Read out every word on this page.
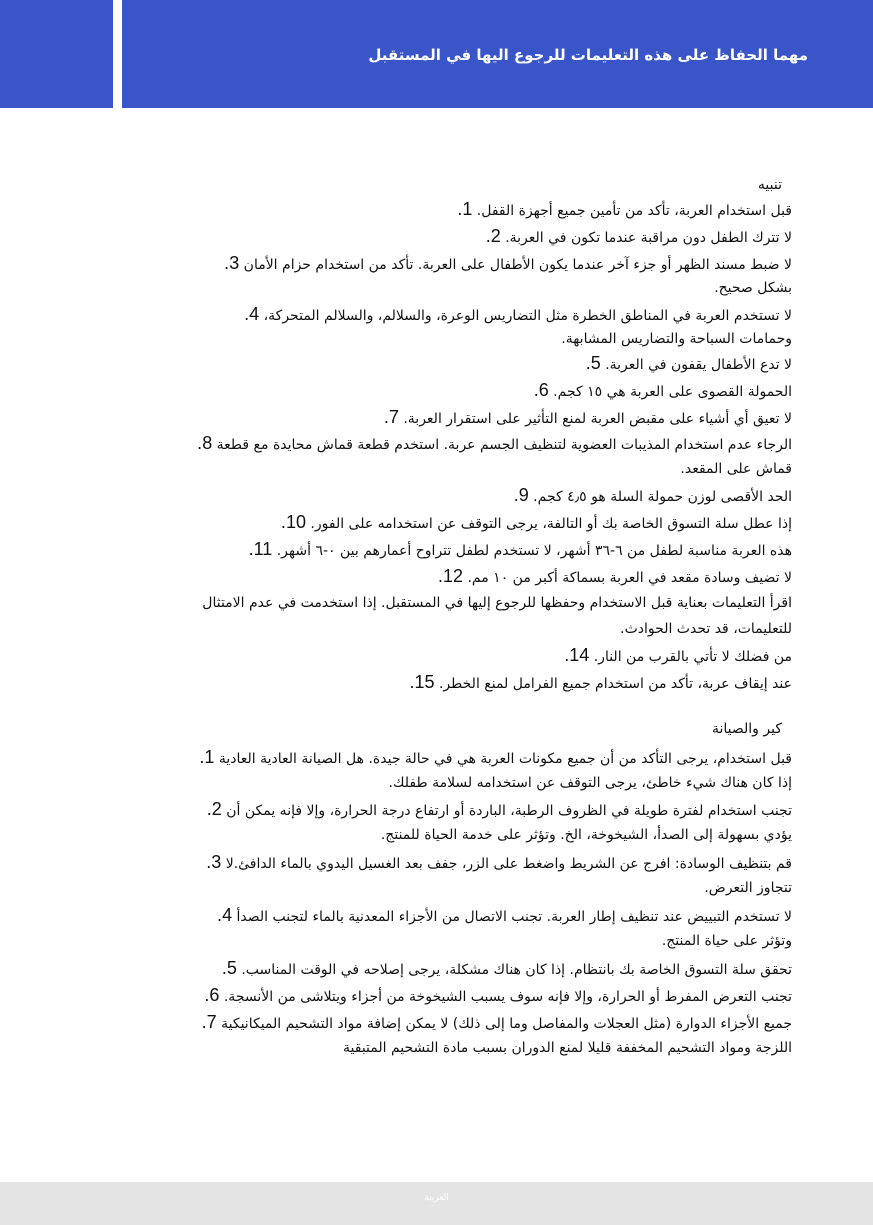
مهما الحفاظ على هذه التعليمات للرجوع اليها في المستقبل
تنبيه
قبل استخدام العربة، تأكد من تأمين جميع أجهزة القفل. 1.
لا تترك الطفل دون مراقبة عندما تكون في العربة. 2.
لا ضبط مسند الظهر أو جزء آخر عندما يكون الأطفال على العربة. تأكد من استخدام حزام الأمان 3.
بشكل صحيح.
لا تستخدم العربة في المناطق الخطرة مثل التضاريس الوعرة، والسلالم، والسلالم المتحركة، 4.
وحمامات السباحة والتضاريس المشابهة.
لا تدع الأطفال يقفون في العربة. 5.
الحمولة القصوى على العربة هي ١٥ كجم. 6.
لا تعيق أي أشياء على مقبض العربة لمنع التأثير على استقرار العربة. 7.
الرجاء عدم استخدام المذيبات العضوية لتنظيف الجسم عربة. استخدم قطعة قماش محايدة مع قطعة 8.
قماش على المقعد.
الحد الأقصى لوزن حمولة السلة هو ٤٫٥ كجم. 9.
إذا عطل سلة التسوق الخاصة بك أو التالفة، يرجى التوقف عن استخدامه على الفور. 10.
هذه العربة مناسبة لطفل من ٦-٣٦ أشهر، لا تستخدم لطفل تتراوح أعمارهم بين ٠-٦ أشهر. 11.
لا تضيف وسادة مقعد في العربة بسماكة أكبر من ١٠ مم. 12.
اقرأ التعليمات بعناية قبل الاستخدام وحفظها للرجوع إليها في المستقبل. إذا استخدمت في عدم الامتثال
للتعليمات، قد تحدث الحوادث.
من فضلك لا تأتي بالقرب من النار. 14.
عند إيقاف عربة، تأكد من استخدام جميع الفرامل لمنع الخطر. 15.
كير والصيانة
قبل استخدام، يرجى التأكد من أن جميع مكونات العربة هي في حالة جيدة. هل الصيانة العادية العادية 1.
إذا كان هناك شيء خاطئ، يرجى التوقف عن استخدامه لسلامة طفلك.
تجنب استخدام لفترة طويلة في الظروف الرطبة، الباردة أو ارتفاع درجة الحرارة، وإلا فإنه يمكن أن 2.
يؤدي بسهولة إلى الصدأ، الشيخوخة، الخ. وتؤثر على خدمة الحياة للمنتج.
قم بتنظيف الوسادة: افرج عن الشريط واضغط على الزر، جفف بعد الغسيل اليدوي بالماء الدافئ.لا 3.
تتجاوز التعرض.
لا تستخدم التبييض عند تنظيف إطار العربة. تجنب الاتصال من الأجزاء المعدنية بالماء لتجنب الصدأ 4.
وتؤثر على حياة المنتج.
تحقق سلة التسوق الخاصة بك بانتظام. إذا كان هناك مشكلة، يرجى إصلاحه في الوقت المناسب. 5.
تجنب التعرض المفرط أو الحرارة، وإلا فإنه سوف يسبب الشيخوخة من أجزاء ويتلاشى من الأنسجة. 6.
جميع الأجزاء الدوارة (مثل العجلات والمفاصل وما إلى ذلك) لا يمكن إضافة مواد التشحيم الميكانيكية 7.
اللزجة ومواد التشحيم المخففة قليلا لمنع الدوران بسبب مادة التشحيم المتبقية
العربية
